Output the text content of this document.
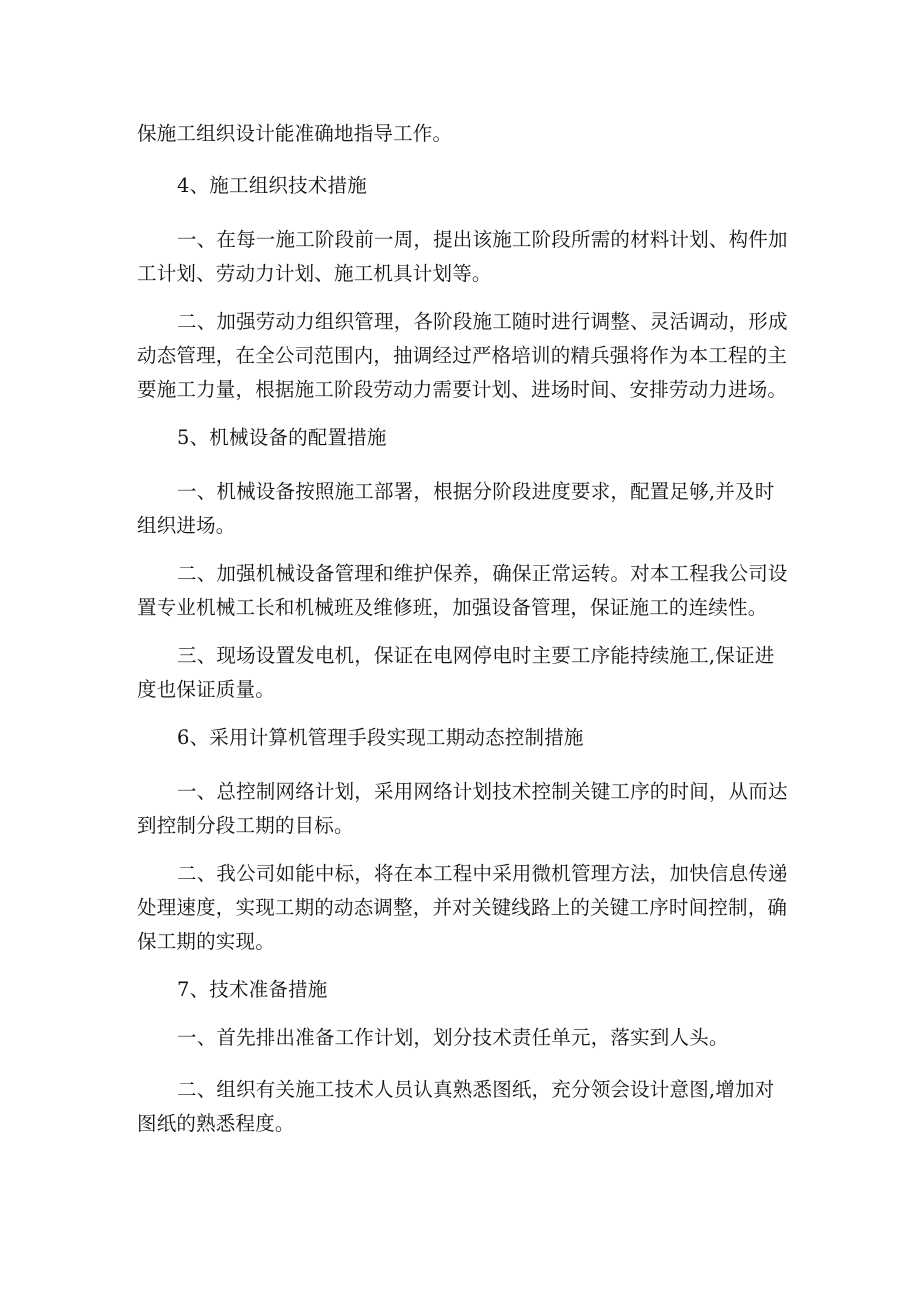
保施工组织设计能准确地指导工作。
4、施工组织技术措施
一、在每一施工阶段前一周，提出该施工阶段所需的材料计划、构件加
工计划、劳动力计划、施工机具计划等。
二、加强劳动力组织管理，各阶段施工随时进行调整、灵活调动，形成
动态管理，在全公司范围内，抽调经过严格培训的精兵强将作为本工程的主
要施工力量，根据施工阶段劳动力需要计划、进场时间、安排劳动力进场。
5、机械设备的配置措施
一、机械设备按照施工部署，根据分阶段进度要求，配置足够,并及时
组织进场。
二、加强机械设备管理和维护保养，确保正常运转。对本工程我公司设
置专业机械工长和机械班及维修班，加强设备管理，保证施工的连续性。
三、现场设置发电机，保证在电网停电时主要工序能持续施工,保证进
度也保证质量。
6、采用计算机管理手段实现工期动态控制措施
一、总控制网络计划，采用网络计划技术控制关键工序的时间，从而达
到控制分段工期的目标。
二、我公司如能中标，将在本工程中采用微机管理方法，加快信息传递
处理速度，实现工期的动态调整，并对关键线路上的关键工序时间控制，确
保工期的实现。
7、技术准备措施
一、首先排出准备工作计划，划分技术责任单元，落实到人头。
二、组织有关施工技术人员认真熟悉图纸，充分领会设计意图,增加对
图纸的熟悉程度。
